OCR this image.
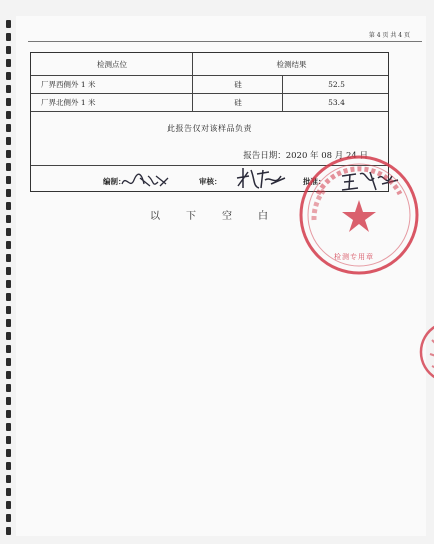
第 4 页 共 4 页
检测点位	检测结果
厂界西侧外 1 米	硅	52.5
厂界北侧外 1 米	硅	53.4
此报告仅对该样品负责
报告日期：2020 年 08 月 24 日
编制：	审核：	批准：
以下空白
检测专用章
